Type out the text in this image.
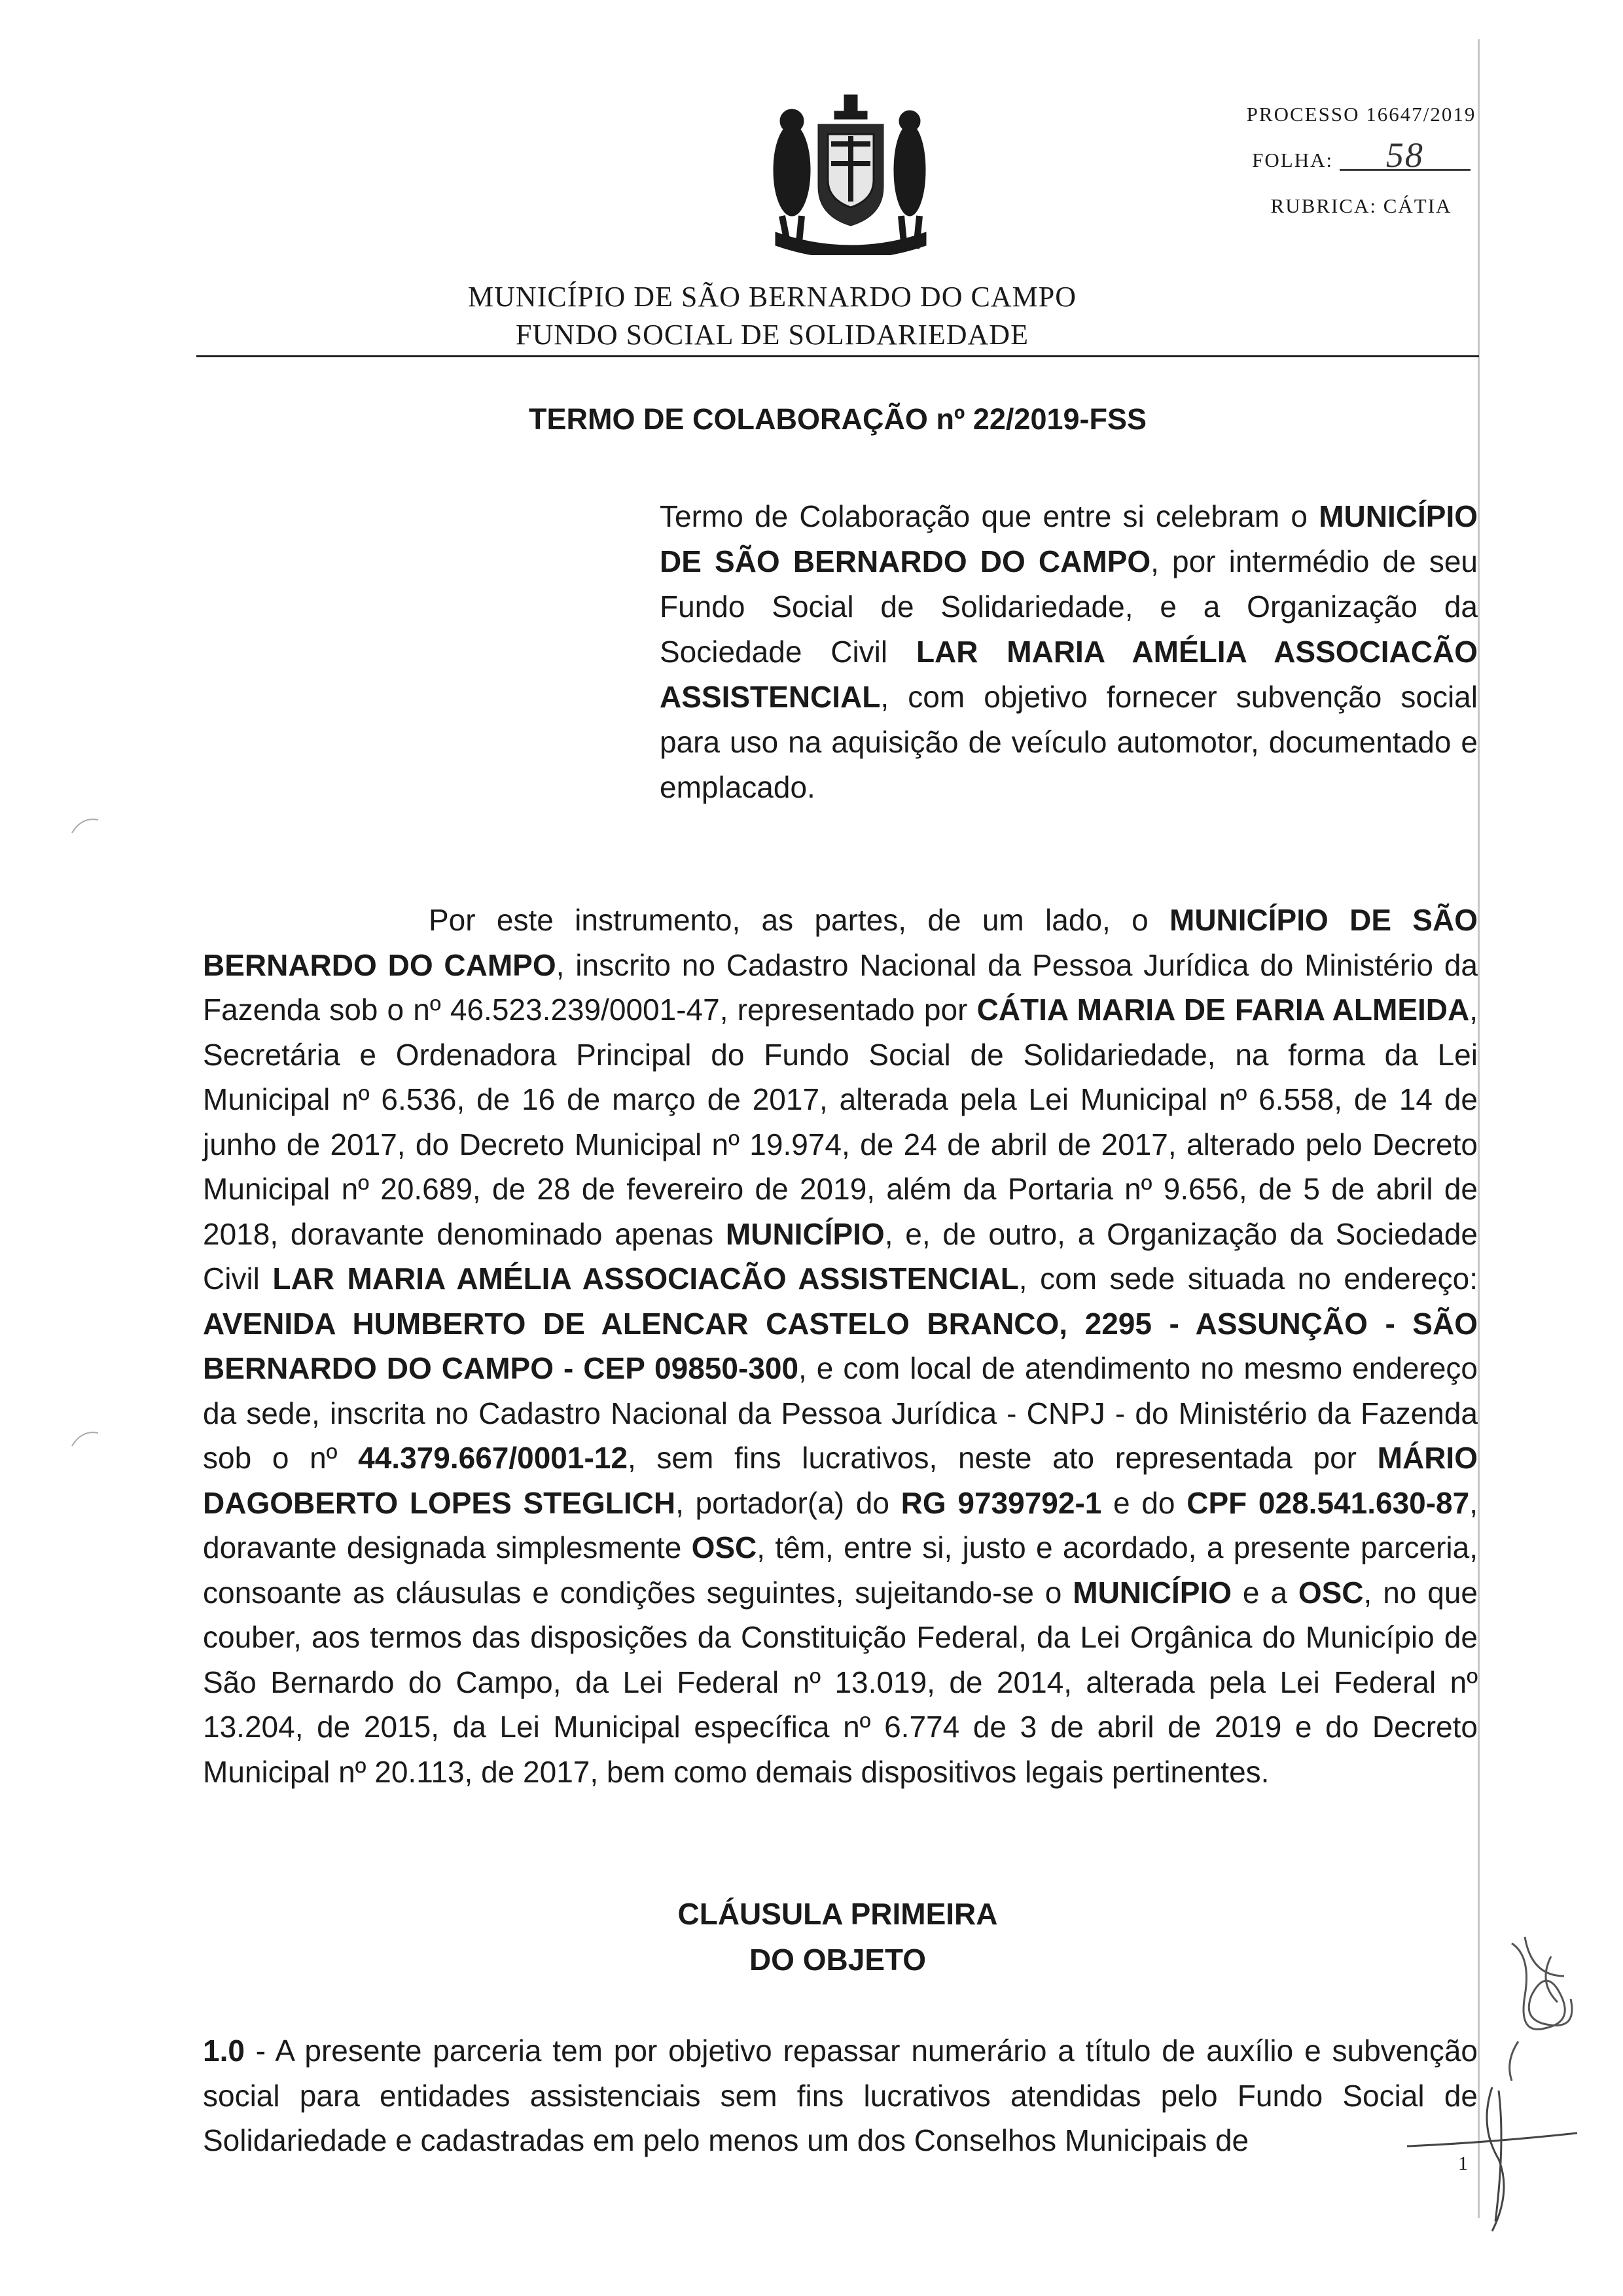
PROCESSO 16647/2019
FOLHA: 58
RUBRICA: CÁTIA
MUNICÍPIO DE SÃO BERNARDO DO CAMPO
FUNDO SOCIAL DE SOLIDARIEDADE
TERMO DE COLABORAÇÃO nº 22/2019-FSS
Termo de Colaboração que entre si celebram o MUNICÍPIO DE SÃO BERNARDO DO CAMPO, por intermédio de seu Fundo Social de Solidariedade, e a Organização da Sociedade Civil LAR MARIA AMÉLIA ASSOCIACÃO ASSISTENCIAL, com objetivo fornecer subvenção social para uso na aquisição de veículo automotor, documentado e emplacado.
Por este instrumento, as partes, de um lado, o MUNICÍPIO DE SÃO BERNARDO DO CAMPO, inscrito no Cadastro Nacional da Pessoa Jurídica do Ministério da Fazenda sob o nº 46.523.239/0001-47, representado por CÁTIA MARIA DE FARIA ALMEIDA, Secretária e Ordenadora Principal do Fundo Social de Solidariedade, na forma da Lei Municipal nº 6.536, de 16 de março de 2017, alterada pela Lei Municipal nº 6.558, de 14 de junho de 2017, do Decreto Municipal nº 19.974, de 24 de abril de 2017, alterado pelo Decreto Municipal nº 20.689, de 28 de fevereiro de 2019, além da Portaria nº 9.656, de 5 de abril de 2018, doravante denominado apenas MUNICÍPIO, e, de outro, a Organização da Sociedade Civil LAR MARIA AMÉLIA ASSOCIACÃO ASSISTENCIAL, com sede situada no endereço: AVENIDA HUMBERTO DE ALENCAR CASTELO BRANCO, 2295 - ASSUNÇÃO - SÃO BERNARDO DO CAMPO - CEP 09850-300, e com local de atendimento no mesmo endereço da sede, inscrita no Cadastro Nacional da Pessoa Jurídica - CNPJ - do Ministério da Fazenda sob o nº 44.379.667/0001-12, sem fins lucrativos, neste ato representada por MÁRIO DAGOBERTO LOPES STEGLICH, portador(a) do RG 9739792-1 e do CPF 028.541.630-87, doravante designada simplesmente OSC, têm, entre si, justo e acordado, a presente parceria, consoante as cláusulas e condições seguintes, sujeitando-se o MUNICÍPIO e a OSC, no que couber, aos termos das disposições da Constituição Federal, da Lei Orgânica do Município de São Bernardo do Campo, da Lei Federal nº 13.019, de 2014, alterada pela Lei Federal nº 13.204, de 2015, da Lei Municipal específica nº 6.774 de 3 de abril de 2019 e do Decreto Municipal nº 20.113, de 2017, bem como demais dispositivos legais pertinentes.
CLÁUSULA PRIMEIRA
DO OBJETO
1.0 - A presente parceria tem por objetivo repassar numerário a título de auxílio e subvenção social para entidades assistenciais sem fins lucrativos atendidas pelo Fundo Social de Solidariedade e cadastradas em pelo menos um dos Conselhos Municipais de
1
